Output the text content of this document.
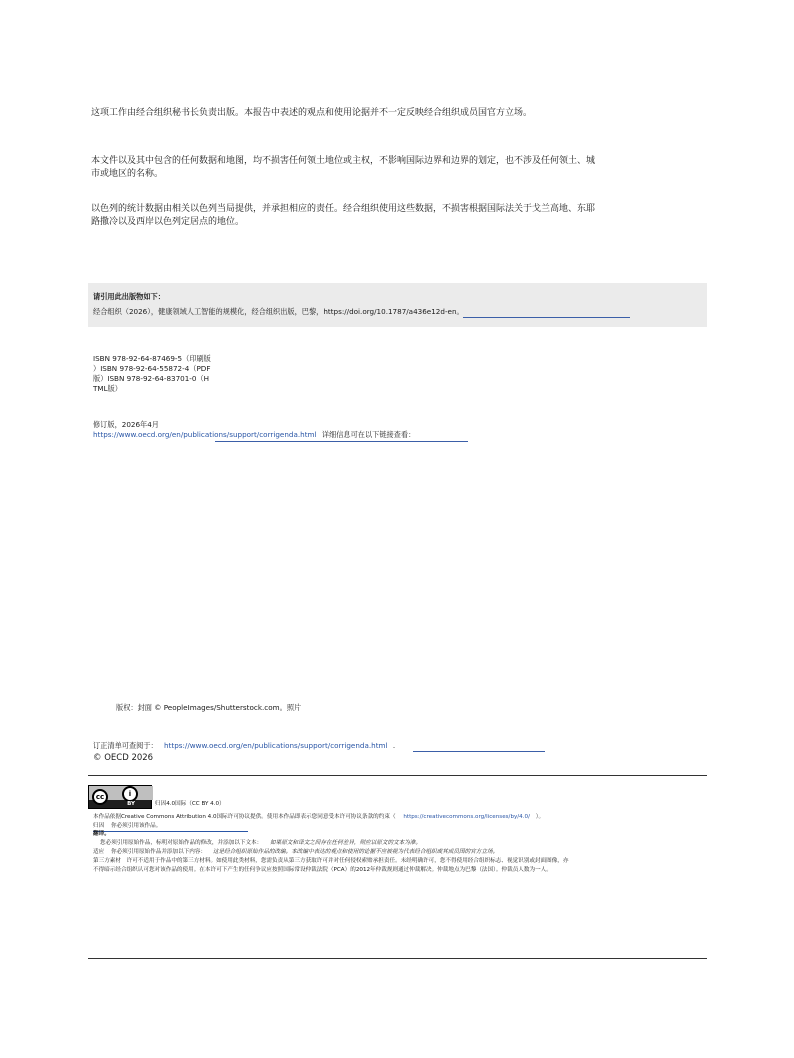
这项工作由经合组织秘书长负责出版。本报告中表述的观点和使用论据并不一定反映经合组织成员国官方立场。
本文件以及其中包含的任何数据和地图，均不损害任何领土地位或主权，不影响国际边界和边界的划定，也不涉及任何领土、城
市或地区的名称。
以色列的统计数据由相关以色列当局提供，并承担相应的责任。经合组织使用这些数据，不损害根据国际法关于戈兰高地、东耶
路撒冷以及西岸以色列定居点的地位。
请引用此出版物如下：
经合组织（2026），健康领域人工智能的规模化，经合组织出版，巴黎，https://doi.org/10.1787/a436e12d-en。
ISBN 978-92-64-87469-5（印刷版
）ISBN 978-92-64-55872-4（PDF
版）ISBN 978-92-64-83701-0（H
TML版）
修订版，2026年4月
https://www.oecd.org/en/publications/support/corrigenda.html 详细信息可在以下链接查看：
版权：封面 © PeopleImages/Shutterstock.com。照片
订正清单可查阅于： https://www.oecd.org/en/publications/support/corrigenda.html .
© OECD 2026
cc	i
BY	归因4.0国际（CC BY 4.0）
本作品依据Creative Commons Attribution 4.0国际许可协议提供。使用本作品即表示您同意受本许可协议条款的约束（ https://creativecommons.org/licenses/by/4.0/ ）。
归因 你必须引用该作品。
翻译。
您必须引用原始作品，标明对原始作品的修改，并添加以下文本： 如果原文和译文之间存在任何差异，则应以原文的文本为准。
适应 你必须引用原始作品并添加以下内容： 这是经合组织原始作品的改编。本改编中表达的观点和使用的论据不应被视为代表经合组织或其成员国的官方立场。
第三方素材　许可不适用于作品中的第三方材料。如使用此类材料，您需负责从第三方获取许可并对任何侵权索赔承担责任。未经明确许可，您不得使用经合组织标志、视觉识别或封面图像，亦
不得暗示经合组织认可您对该作品的使用。在本许可下产生的任何争议应按照国际常设仲裁法院（PCA）的2012年仲裁规则通过仲裁解决。仲裁地点为巴黎（法国）。仲裁员人数为一人。
